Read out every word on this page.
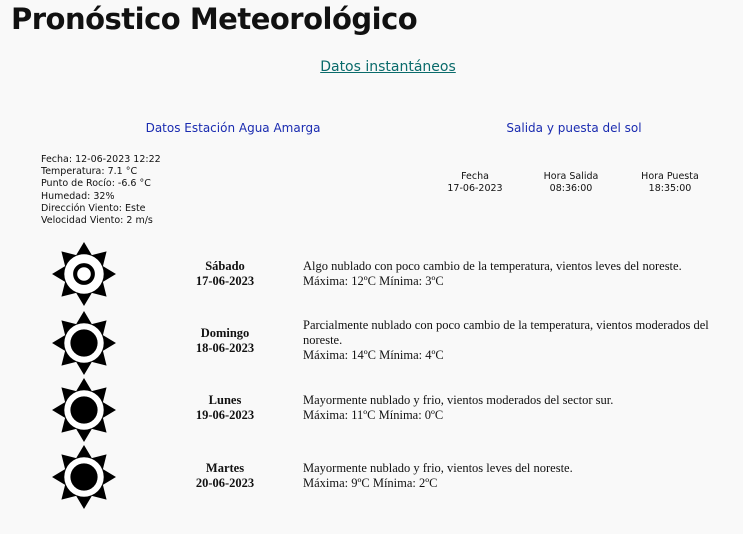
Pronóstico Meteorológico
Datos instantáneos
Datos Estación Agua Amarga	Salida y puesta del sol
Fecha: 12-06-2023 12:22
Temperatura: 7.1 °C
Punto de Rocío: -6.6 °C
Humedad: 32%
Dirección Viento: Este
Velocidad Viento: 2 m/s
Fecha
17-06-2023
Hora Salida
08:36:00
Hora Puesta
18:35:00
Sábado
17-06-2023
Algo nublado con poco cambio de la temperatura, vientos leves del noreste.
Máxima: 12ºC Mínima: 3ºC
Domingo
18-06-2023
Parcialmente nublado con poco cambio de la temperatura, vientos moderados del noreste.
Máxima: 14ºC Mínima: 4ºC
Lunes
19-06-2023
Mayormente nublado y frio, vientos moderados del sector sur.
Máxima: 11ºC Mínima: 0ºC
Martes
20-06-2023
Mayormente nublado y frio, vientos leves del noreste.
Máxima: 9ºC Mínima: 2ºC
